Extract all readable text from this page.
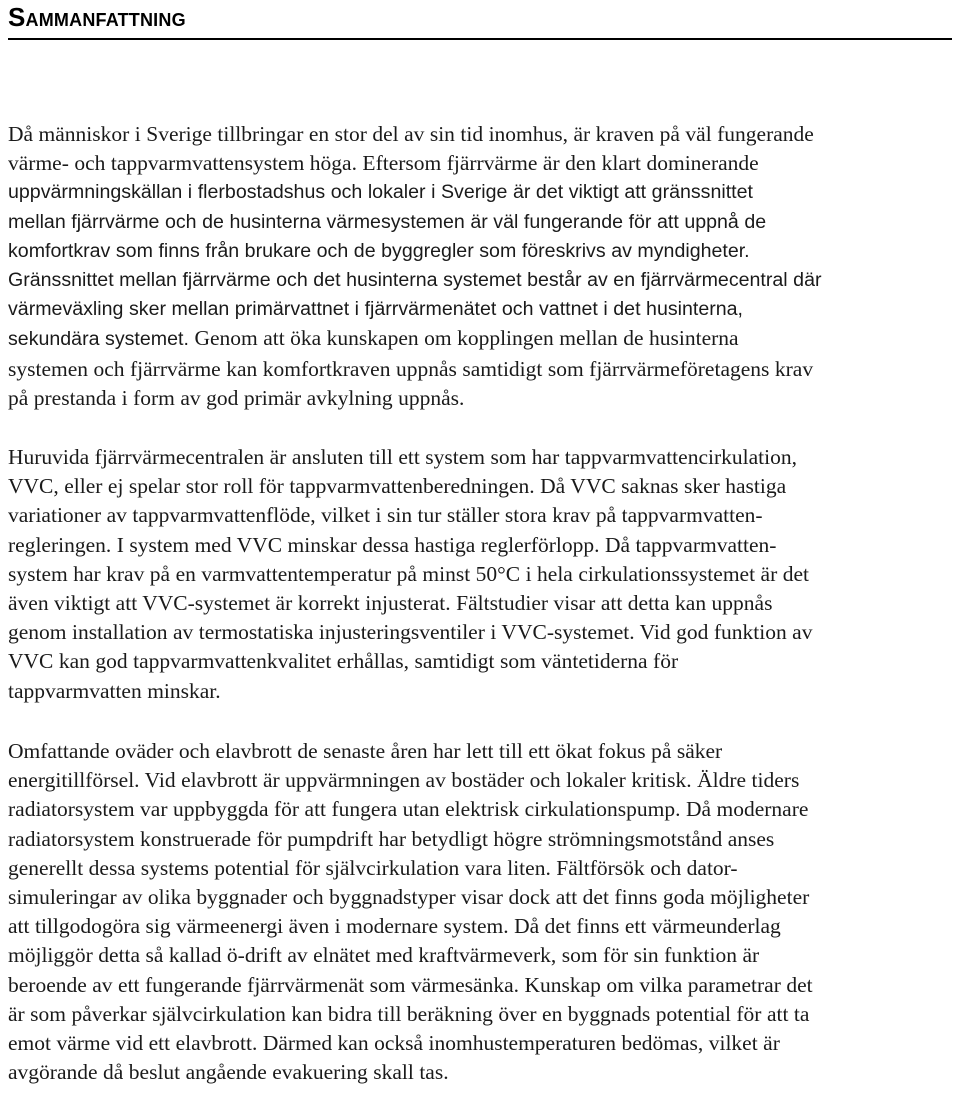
Sammanfattning

Då människor i Sverige tillbringar en stor del av sin tid inomhus, är kraven på väl fungerande
värme- och tappvarmvattensystem höga. Eftersom fjärrvärme är den klart dominerande
uppvärmningskällan i flerbostadshus och lokaler i Sverige är det viktigt att gränssnittet
mellan fjärrvärme och de husinterna värmesystemen är väl fungerande för att uppnå de
komfortkrav som finns från brukare och de byggregler som föreskrivs av myndigheter.
Gränssnittet mellan fjärrvärme och det husinterna systemet består av en fjärrvärmecentral där
värmeväxling sker mellan primärvattnet i fjärrvärmenätet och vattnet i det husinterna,
sekundära systemet. Genom att öka kunskapen om kopplingen mellan de husinterna
systemen och fjärrvärme kan komfortkraven uppnås samtidigt som fjärrvärmeföretagens krav
på prestanda i form av god primär avkylning uppnås.

Huruvida fjärrvärmecentralen är ansluten till ett system som har tappvarmvattencirkulation,
VVC, eller ej spelar stor roll för tappvarmvattenberedningen. Då VVC saknas sker hastiga
variationer av tappvarmvattenflöde, vilket i sin tur ställer stora krav på tappvarmvatten-
regleringen. I system med VVC minskar dessa hastiga reglerförlopp. Då tappvarmvatten-
system har krav på en varmvattentemperatur på minst 50°C i hela cirkulationssystemet är det
även viktigt att VVC-systemet är korrekt injusterat. Fältstudier visar att detta kan uppnås
genom installation av termostatiska injusteringsventiler i VVC-systemet. Vid god funktion av
VVC kan god tappvarmvattenkvalitet erhållas, samtidigt som väntetiderna för
tappvarmvatten minskar.

Omfattande oväder och elavbrott de senaste åren har lett till ett ökat fokus på säker
energitillförsel. Vid elavbrott är uppvärmningen av bostäder och lokaler kritisk. Äldre tiders
radiatorsystem var uppbyggda för att fungera utan elektrisk cirkulationspump. Då modernare
radiatorsystem konstruerade för pumpdrift har betydligt högre strömningsmotstånd anses
generellt dessa systems potential för självcirkulation vara liten. Fältförsök och dator-
simuleringar av olika byggnader och byggnadstyper visar dock att det finns goda möjligheter
att tillgodogöra sig värmeenergi även i modernare system. Då det finns ett värmeunderlag
möjliggör detta så kallad ö-drift av elnätet med kraftvärmeverk, som för sin funktion är
beroende av ett fungerande fjärrvärmenät som värmesänka. Kunskap om vilka parametrar det
är som påverkar självcirkulation kan bidra till beräkning över en byggnads potential för att ta
emot värme vid ett elavbrott. Därmed kan också inomhustemperaturen bedömas, vilket är
avgörande då beslut angående evakuering skall tas.
